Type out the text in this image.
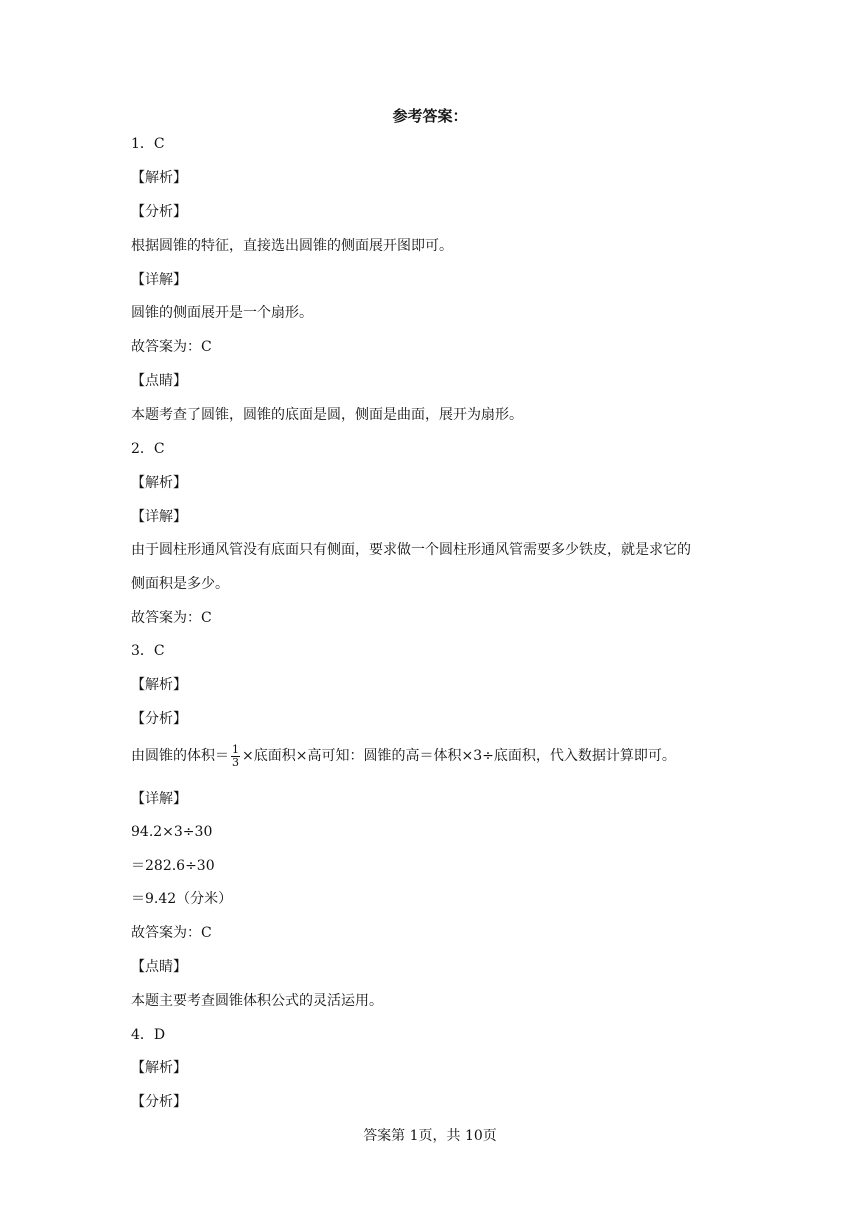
参考答案：
1．C
【解析】
【分析】
根据圆锥的特征，直接选出圆锥的侧面展开图即可。
【详解】
圆锥的侧面展开是一个扇形。
故答案为：C
【点睛】
本题考查了圆锥，圆锥的底面是圆，侧面是曲面，展开为扇形。
2．C
【解析】
【详解】
由于圆柱形通风管没有底面只有侧面，要求做一个圆柱形通风管需要多少铁皮，就是求它的
侧面积是多少。
故答案为：C
3．C
【解析】
【分析】
由圆锥的体积＝ $\frac{1}{3}$ ×底面积×高可知：圆锥的高＝体积×3÷底面积，代入数据计算即可。
【详解】
94.2×3÷30
＝282.6÷30
＝9.42（分米）
故答案为：C
【点睛】
本题主要考查圆锥体积公式的灵活运用。
4．D
【解析】
【分析】
答案第 1页，共 10页
